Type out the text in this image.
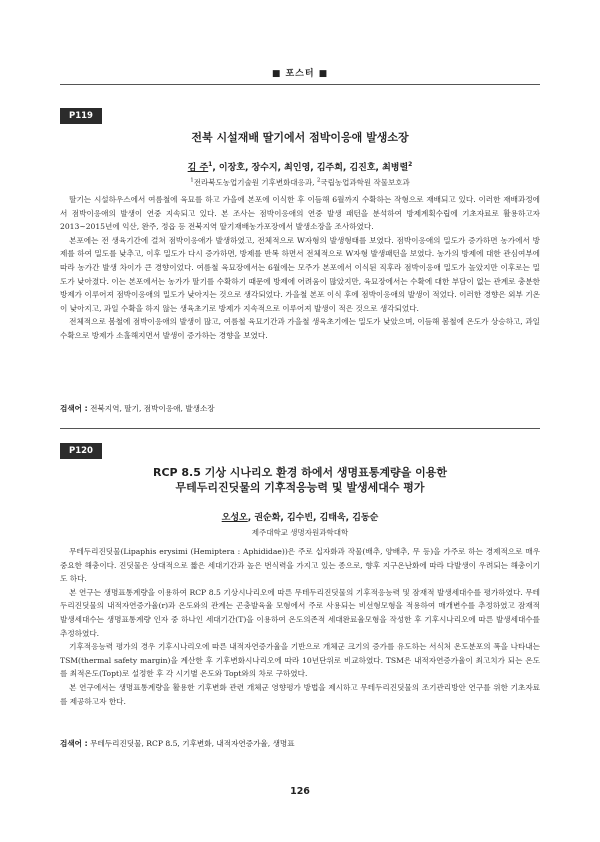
■ 포스터 ■
P119
전북 시설재배 딸기에서 점박이응애 발생소장
김 주$^1$, 이장호, 장수지, 최인영, 김주희, 김진호, 최병렬$^2$
$^1$전라북도농업기술원 기후변화대응과, $^2$국립농업과학원 작물보호과

딸기는 시설하우스에서 여름철에 육묘를 하고 가을에 본포에 이식한 후 이듬해 6월까지 수확하는 작형으로 재배되고 있다. 이러한 재배과정에서 점박이응애의 발생이 연중 지속되고 있다. 본 조사는 점박이응애의 연중 발생 패턴을 분석하여 방제계획수립에 기초자료로 활용하고자 2013~2015년에 익산, 완주, 정읍 등 전북지역 딸기재배농가포장에서 발생소장을 조사하였다.

본포에는 전 생육기간에 걸쳐 점박이응애가 발생하였고, 전체적으로 W자형의 발생형태를 보였다. 점박이응애의 밀도가 증가하면 농가에서 방제를 하여 밀도를 낮추고, 이후 밀도가 다시 증가하면, 방제를 반복 하면서 전체적으로 W자형 발생패턴을 보였다. 농가의 방제에 대한 관심여부에 따라 농가간 발생 차이가 큰 경향이었다. 여름철 육묘장에서는 6월에는 모주가 본포에서 이식된 직후라 점박이응애 밀도가 높았지만 이후로는 밀도가 낮아졌다. 이는 본포에서는 농가가 딸기를 수확하기 때문에 방제에 어려움이 많았지만, 육묘장에서는 수확에 대한 부담이 없는 관계로 충분한 방제가 이루어져 점박이응애의 밀도가 낮아지는 것으로 생각되었다. 가을철 본포 이식 후에 점박이응애의 발생이 적었다. 이러한 경향은 외부 기온이 낮아지고, 과일 수확을 하지 않는 생육초기로 방제가 지속적으로 이루어져 발생이 적은 것으로 생각되었다.

전체적으로 봄철에 점박이응애의 발생이 많고, 여름철 육묘기간과 가을철 생육초기에는 밀도가 낮았으며, 이듬해 봄철에 온도가 상승하고, 과일 수확으로 방제가 소홀해지면서 발생이 증가하는 경향을 보였다.

검색어 : 전북지역, 딸기, 점박이응애, 발생소장
P120
RCP 8.5 기상 시나리오 환경 하에서 생명표통계량을 이용한
무테두리진딧물의 기후적응능력 및 발생세대수 평가
오성오, 권순화, 김수빈, 김태욱, 김동순
제주대학교 생명자원과학대학

무테두리진딧물(Lipaphis erysimi (Hemiptera : Aphididae))은 주로 십자화과 작물(배추, 양배추, 무 등)을 가주로 하는 경제적으로 매우 중요한 해충이다. 진딧물은 상대적으로 짧은 세대기간과 높은 번식력을 가지고 있는 종으로, 향후 지구온난화에 따라 다발생이 우려되는 해충이기도 하다.

본 연구는 생명표통계량을 이용하여 RCP 8.5 기상시나리오에 따른 무테두리진딧물의 기후적응능력 및 잠재적 발생세대수를 평가하였다. 무테두리진딧물의 내적자연증가율(r)과 온도와의 관계는 곤충발육율 모형에서 주로 사용되는 비선형모형을 적용하여 매개변수를 추정하였고 잠재적 발생세대수는 생명표통계량 인자 중 하나인 세대기간(T)을 이용하여 온도의존적 세대완료율모형을 작성한 후 기후시나리오에 따른 발생세대수를 추정하였다.

기후적응능력 평가의 경우 기후시나리오에 따른 내적자연증가율을 기반으로 개체군 크기의 증가를 유도하는 서식처 온도분포의 폭을 나타내는 TSM(thermal safety margin)을 계산한 후 기후변화시나리오에 따라 10년단위로 비교하였다. TSM은 내적자연증가율이 최고치가 되는 온도를 최적온도(Topt)로 설정한 후 각 시기별 온도와 Topt와의 차로 구하였다.

본 연구에서는 생명표통계량을 활용한 기후변화 관련 개체군 영향평가 방법을 제시하고 무테두리진딧물의 조기관리방안 연구를 위한 기초자료를 제공하고자 한다.

검색어 : 무테두리진딧물, RCP 8.5, 기후변화, 내적자연증가율, 생명표
126
